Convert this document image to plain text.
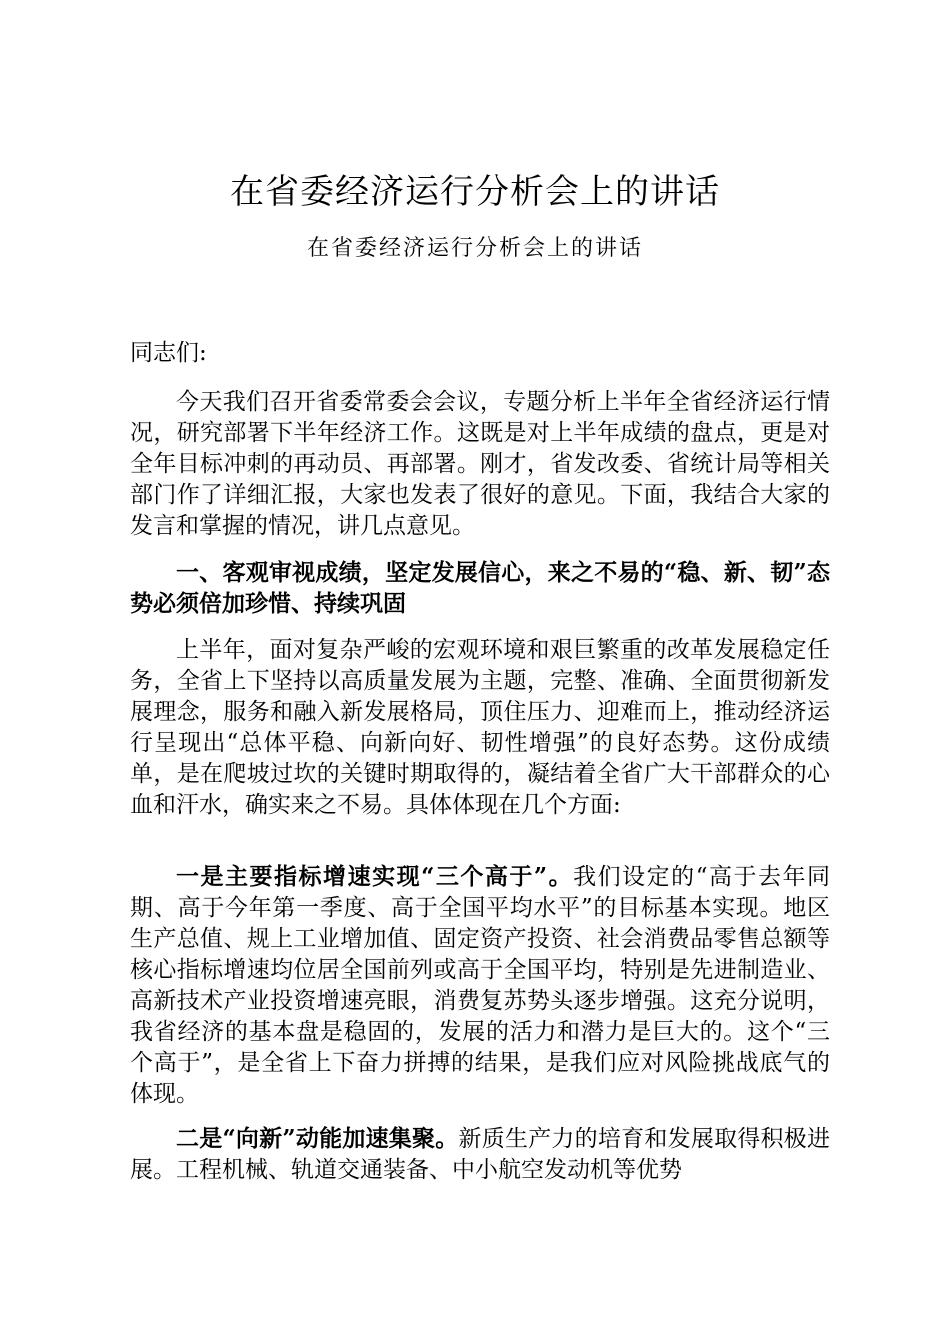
在省委经济运行分析会上的讲话
在省委经济运行分析会上的讲话

同志们:

今天我们召开省委常委会会议，专题分析上半年全省经济运行情况，研究部署下半年经济工作。这既是对上半年成绩的盘点，更是对全年目标冲刺的再动员、再部署。刚才，省发改委、省统计局等相关部门作了详细汇报，大家也发表了很好的意见。下面，我结合大家的发言和掌握的情况，讲几点意见。

一、客观审视成绩，坚定发展信心，来之不易的“稳、新、韧”态势必须倍加珍惜、持续巩固

上半年，面对复杂严峻的宏观环境和艰巨繁重的改革发展稳定任务，全省上下坚持以高质量发展为主题，完整、准确、全面贯彻新发展理念，服务和融入新发展格局，顶住压力、迎难而上，推动经济运行呈现出“总体平稳、向新向好、韧性增强”的良好态势。这份成绩单，是在爬坡过坎的关键时期取得的，凝结着全省广大干部群众的心血和汗水，确实来之不易。具体体现在几个方面:

一是主要指标增速实现“三个高于”。我们设定的“高于去年同期、高于今年第一季度、高于全国平均水平”的目标基本实现。地区生产总值、规上工业增加值、固定资产投资、社会消费品零售总额等核心指标增速均位居全国前列或高于全国平均，特别是先进制造业、高新技术产业投资增速亮眼，消费复苏势头逐步增强。这充分说明，我省经济的基本盘是稳固的，发展的活力和潜力是巨大的。这个“三个高于”，是全省上下奋力拼搏的结果，是我们应对风险挑战底气的体现。

二是“向新”动能加速集聚。新质生产力的培育和发展取得积极进展。工程机械、轨道交通装备、中小航空发动机等优势
